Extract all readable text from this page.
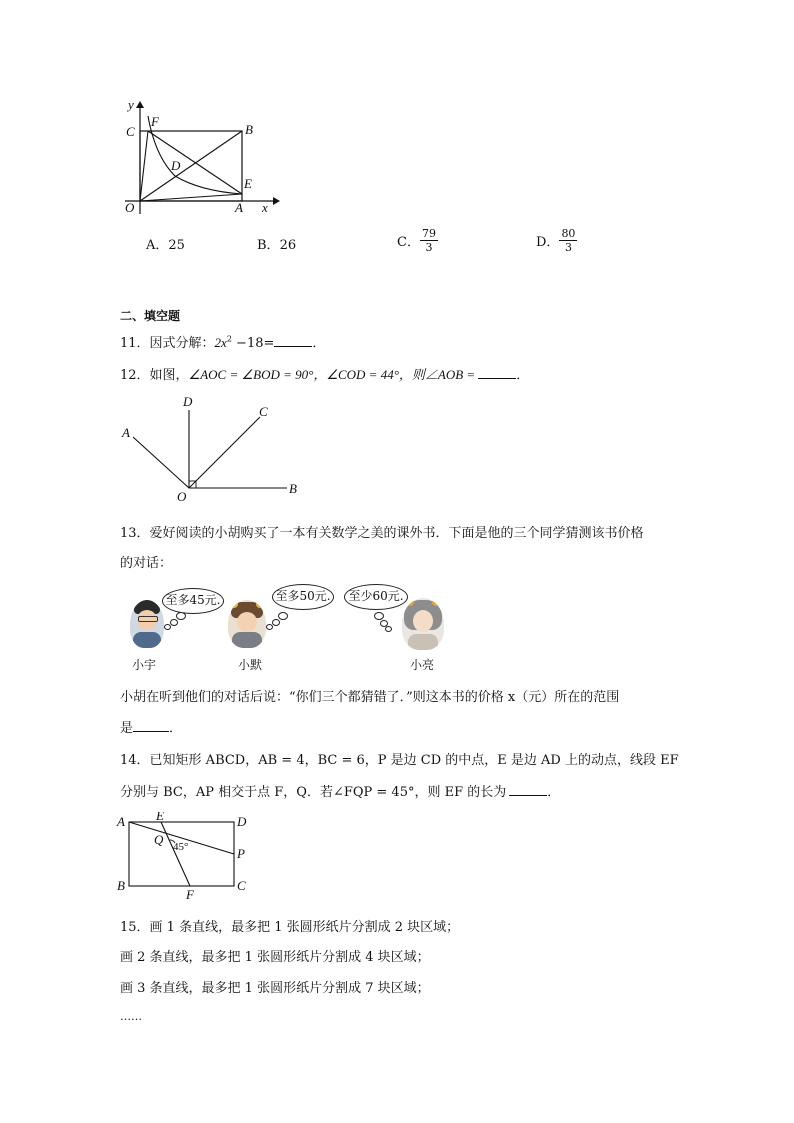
y
C
F
B
D
E
O	A x
A．25	B．26	C． $\frac{79}{3}$	D． $\frac{80}{3}$
二、填空题
11．因式分解：$2x^2 -18=$	．
12．如图，∠AOC = ∠BOD = 90°，∠COD = 44°，则∠AOB =	．
D
C
A
O
B
13．爱好阅读的小胡购买了一本有关数学之美的课外书．下面是他的三个同学猜测该书价格
的对话：
至多45元.
小宇
至多50元.
小默
至少60元.
小亮
小胡在听到他们的对话后说：“你们三个都猜错了．”则这本书的价格 x（元）所在的范围
是	．
14．已知矩形 ABCD，AB = 4，BC = 6，P 是边 CD 的中点，E 是边 AD 上的动点，线段 EF
分别与 BC，AP 相交于点 F，Q．若∠FQP = 45°，则 EF 的长为	．
A E	D
Q 45°	P
B
F
C
15．画 1 条直线，最多把 1 张圆形纸片分割成 2 块区域；
画 2 条直线，最多把 1 张圆形纸片分割成 4 块区域；
画 3 条直线，最多把 1 张圆形纸片分割成 7 块区域；
……
